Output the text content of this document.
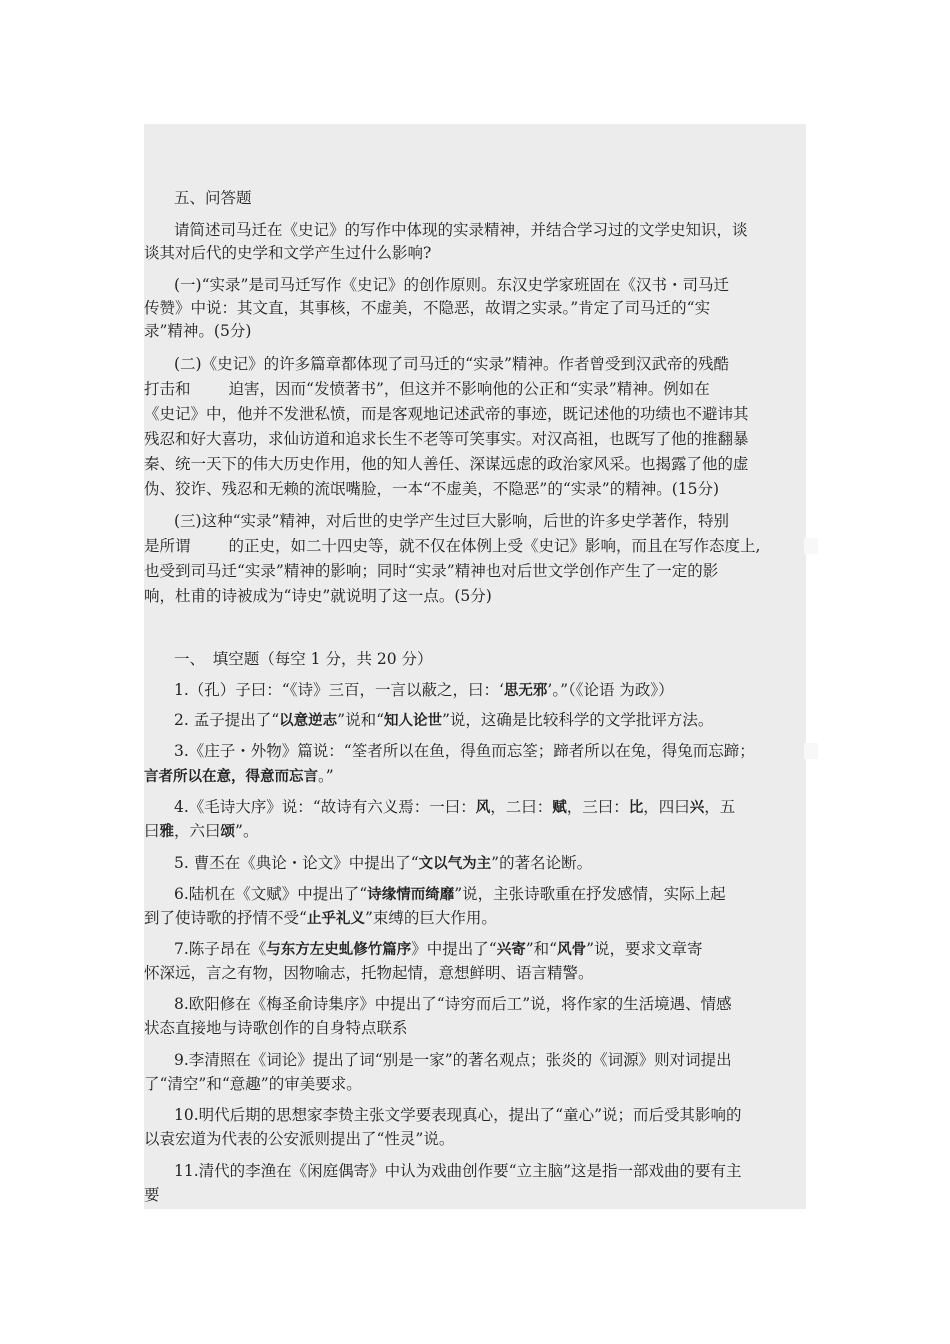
五、问答题
请简述司马迁在《史记》的写作中体现的实录精神，并结合学习过的文学史知识，谈
谈其对后代的史学和文学产生过什么影响?
(一)“实录”是司马迁写作《史记》的创作原则。东汉史学家班固在《汉书・司马迁
传赞》中说：其文直，其事核，不虚美，不隐恶，故谓之实录。”肯定了司马迁的“实
录”精神。(5分)
(二)《史记》的许多篇章都体现了司马迁的“实录”精神。作者曾受到汉武帝的残酷
打击和 迫害，因而“发愤著书”，但这并不影响他的公正和“实录”精神。例如在
《史记》中，他并不发泄私愤，而是客观地记述武帝的事迹，既记述他的功绩也不避讳其
残忍和好大喜功，求仙访道和追求长生不老等可笑事实。对汉高祖，也既写了他的推翻暴
秦、统一天下的伟大历史作用，他的知人善任、深谋远虑的政治家风采。也揭露了他的虚
伪、狡诈、残忍和无赖的流氓嘴脸，一本“不虚美，不隐恶”的“实录”的精神。(15分)
(三)这种“实录”精神，对后世的史学产生过巨大影响，后世的许多史学著作，特别
是所谓 的正史，如二十四史等，就不仅在体例上受《史记》影响，而且在写作态度上,
也受到司马迁“实录”精神的影响；同时“实录”精神也对后世文学创作产生了一定的影
响，杜甫的诗被成为“诗史”就说明了这一点。(5分)
一、　填空题（每空 1 分，共 20 分）
1.（孔）子曰：“《诗》三百，一言以蔽之，曰：‘思无邪’。”（《论语 为政》）
2. 孟子提出了“以意逆志”说和“知人论世”说，这确是比较科学的文学批评方法。
3.《庄子・外物》篇说：“筌者所以在鱼，得鱼而忘筌；蹄者所以在兔，得兔而忘蹄；
言者所以在意，得意而忘言。”
4.《毛诗大序》说：“故诗有六义焉：一曰：风，二曰：赋，三曰：比，四曰兴，五
曰雅，六曰颂”。
5. 曹丕在《典论・论文》中提出了“文以气为主”的著名论断。
6.陆机在《文赋》中提出了“诗缘情而绮靡”说，主张诗歌重在抒发感情，实际上起
到了使诗歌的抒情不受“止乎礼义”束缚的巨大作用。
7.陈子昂在《与东方左史虬修竹篇序》中提出了“兴寄”和“风骨”说，要求文章寄
怀深远，言之有物，因物喻志，托物起情，意想鲜明、语言精警。
8.欧阳修在《梅圣俞诗集序》中提出了“诗穷而后工”说，将作家的生活境遇、情感
状态直接地与诗歌创作的自身特点联系
9.李清照在《词论》提出了词“别是一家”的著名观点；张炎的《词源》则对词提出
了“清空”和“意趣”的审美要求。
10.明代后期的思想家李贽主张文学要表现真心，提出了“童心”说；而后受其影响的
以袁宏道为代表的公安派则提出了“性灵”说。
11.清代的李渔在《闲庭偶寄》中认为戏曲创作要“立主脑”这是指一部戏曲的要有主
要
